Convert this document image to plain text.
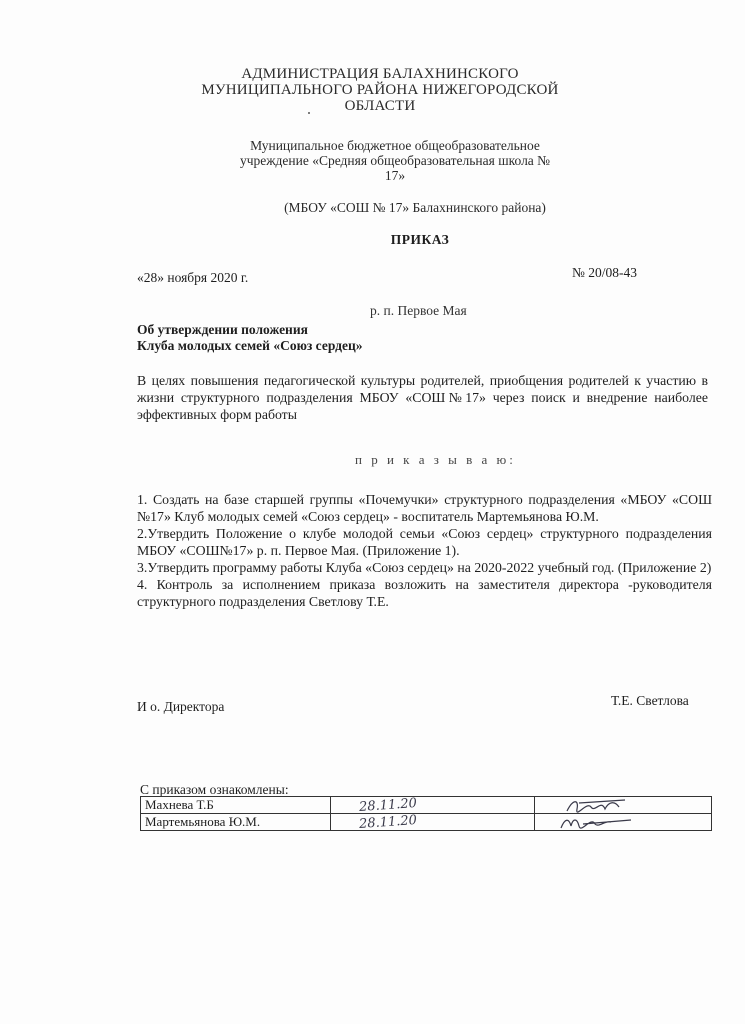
АДМИНИСТРАЦИЯ БАЛАХНИНСКОГО
МУНИЦИПАЛЬНОГО РАЙОНА НИЖЕГОРОДСКОЙ
ОБЛАСТИ
Муниципальное бюджетное общеобразовательное
учреждение «Средняя общеобразовательная школа №
17»
(МБОУ «СОШ № 17» Балахнинского района)
ПРИКАЗ
«28» ноября 2020 г.	№ 20/08-43
р. п. Первое Мая
Об утверждении положения
Клуба молодых семей «Союз сердец»
В целях повышения педагогической культуры родителей, приобщения родителей к участию в жизни структурного подразделения МБОУ «СОШ№17» через поиск и внедрение наиболее эффективных форм работы
п р и к а з ы в а ю:

1. Создать на базе старшей группы «Почемучки» структурного подразделения «МБОУ «СОШ №17» Клуб молодых семей «Союз сердец» - воспитатель Мартемьянова Ю.М.

2.Утвердить Положение о клубе молодой семьи «Союз сердец» структурного подразделения МБОУ «СОШ№17» р. п. Первое Мая. (Приложение 1).

3.Утвердить программу работы Клуба «Союз сердец» на 2020-2022 учебный год. (Приложение 2)

4. Контроль за исполнением приказа возложить на заместителя директора -руководителя структурного подразделения Светлову Т.Е.

И о. Директора	Т.Е. Светлова
С приказом ознакомлены:
Махнева Т.Б	28.11.20	

Мартемьянова Ю.М.	28.11.20	
